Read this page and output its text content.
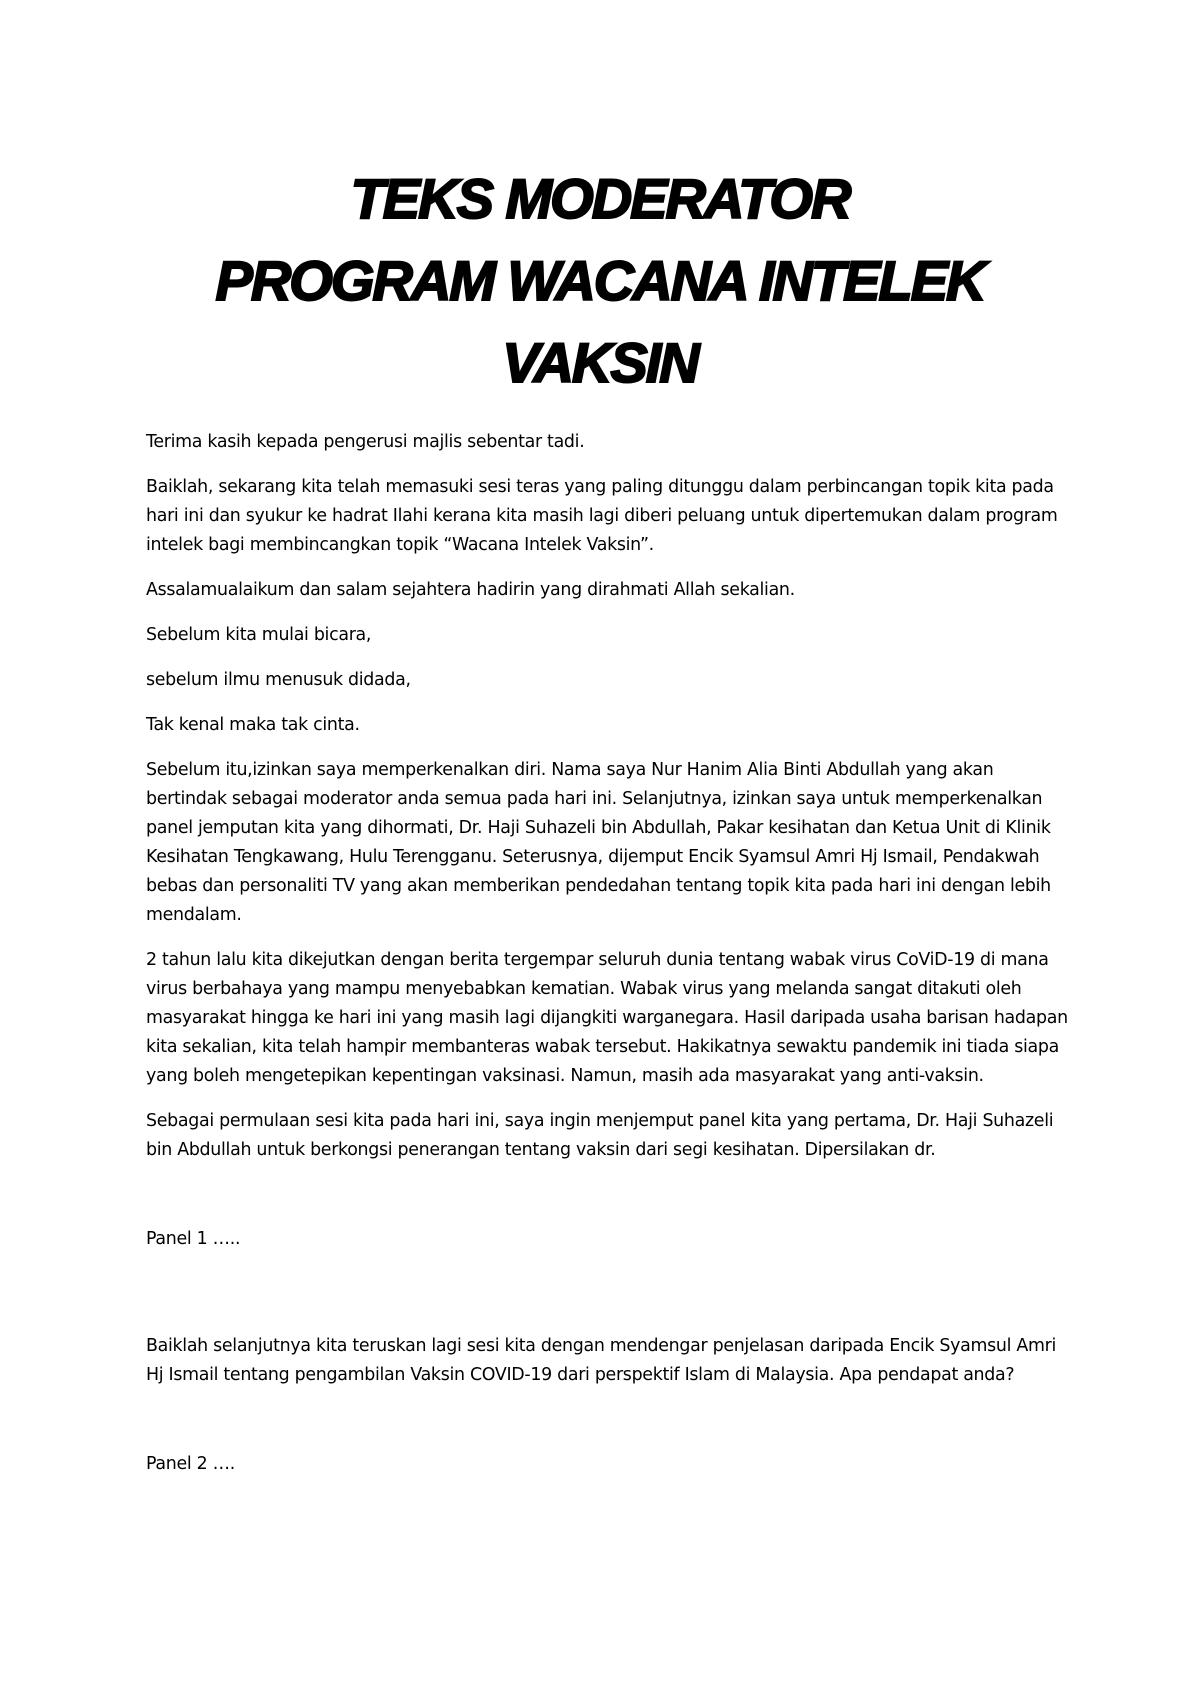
TEKS MODERATOR
PROGRAM WACANA INTELEK
VAKSIN

Terima kasih kepada pengerusi majlis sebentar tadi.

Baiklah, sekarang kita telah memasuki sesi teras yang paling ditunggu dalam perbincangan topik kita pada hari ini dan syukur ke hadrat Ilahi kerana kita masih lagi diberi peluang untuk dipertemukan dalam program intelek bagi membincangkan topik “Wacana Intelek Vaksin”.

Assalamualaikum dan salam sejahtera hadirin yang dirahmati Allah sekalian.

Sebelum kita mulai bicara,

sebelum ilmu menusuk didada,

Tak kenal maka tak cinta.

Sebelum itu,izinkan saya memperkenalkan diri. Nama saya Nur Hanim Alia Binti Abdullah yang akan bertindak sebagai moderator anda semua pada hari ini. Selanjutnya, izinkan saya untuk memperkenalkan panel jemputan kita yang dihormati, Dr. Haji Suhazeli bin Abdullah, Pakar kesihatan dan Ketua Unit di Klinik Kesihatan Tengkawang, Hulu Terengganu. Seterusnya, dijemput Encik Syamsul Amri Hj Ismail, Pendakwah bebas dan personaliti TV yang akan memberikan pendedahan tentang topik kita pada hari ini dengan lebih mendalam.

2 tahun lalu kita dikejutkan dengan berita tergempar seluruh dunia tentang wabak virus CoViD-19 di mana virus berbahaya yang mampu menyebabkan kematian. Wabak virus yang melanda sangat ditakuti oleh masyarakat hingga ke hari ini yang masih lagi dijangkiti warganegara. Hasil daripada usaha barisan hadapan kita sekalian, kita telah hampir membanteras wabak tersebut. Hakikatnya sewaktu pandemik ini tiada siapa yang boleh mengetepikan kepentingan vaksinasi. Namun, masih ada masyarakat yang anti-vaksin.

Sebagai permulaan sesi kita pada hari ini, saya ingin menjemput panel kita yang pertama, Dr. Haji Suhazeli bin Abdullah untuk berkongsi penerangan tentang vaksin dari segi kesihatan. Dipersilakan dr.

Panel 1 …..

Baiklah selanjutnya kita teruskan lagi sesi kita dengan mendengar penjelasan daripada Encik Syamsul Amri Hj Ismail tentang pengambilan Vaksin COVID-19 dari perspektif Islam di Malaysia. Apa pendapat anda?

Panel 2 ….
